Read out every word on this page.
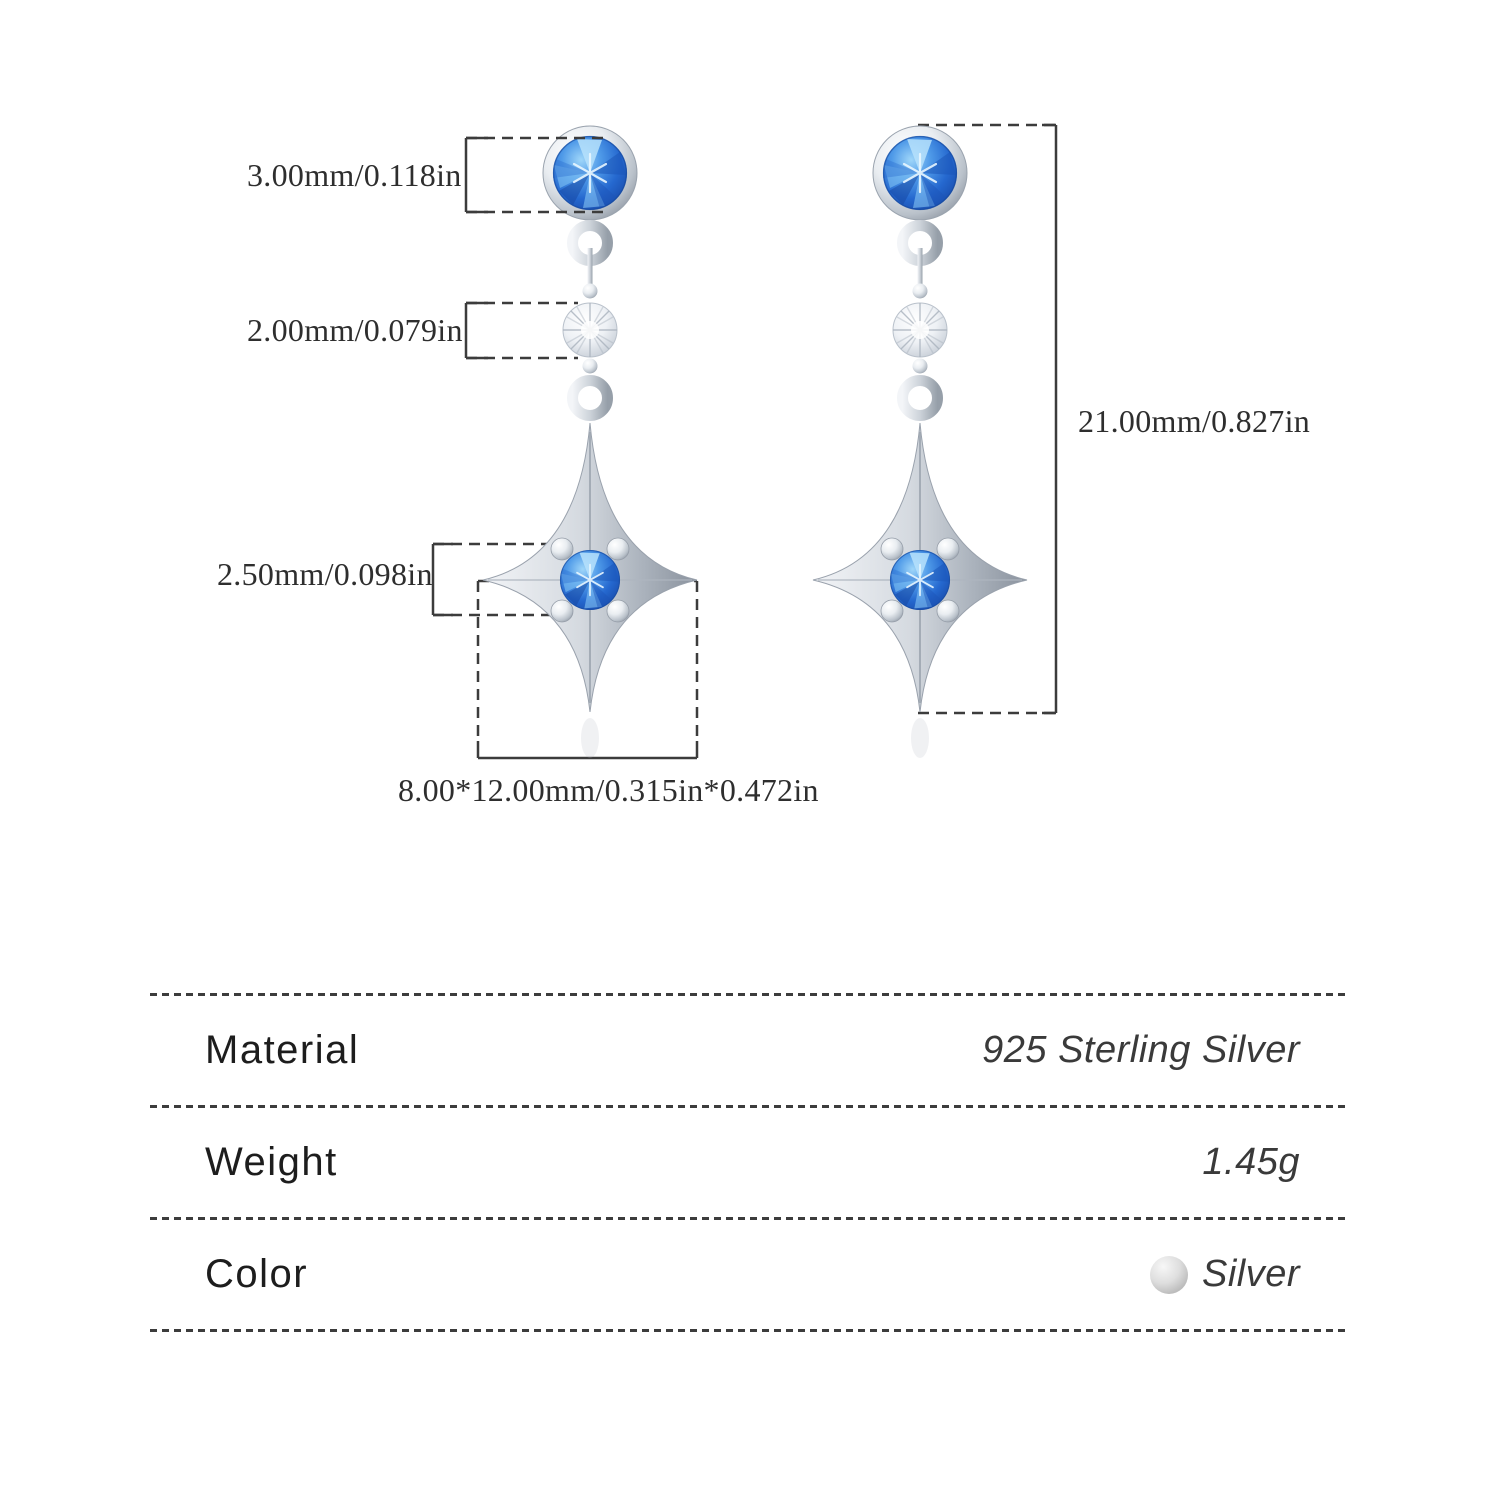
3.00mm/0.118in
2.00mm/0.079in
2.50mm/0.098in
8.00*12.00mm/0.315in*0.472in
21.00mm/0.827in
Material	925 Sterling Silver
Weight	1.45g
Color	Silver
